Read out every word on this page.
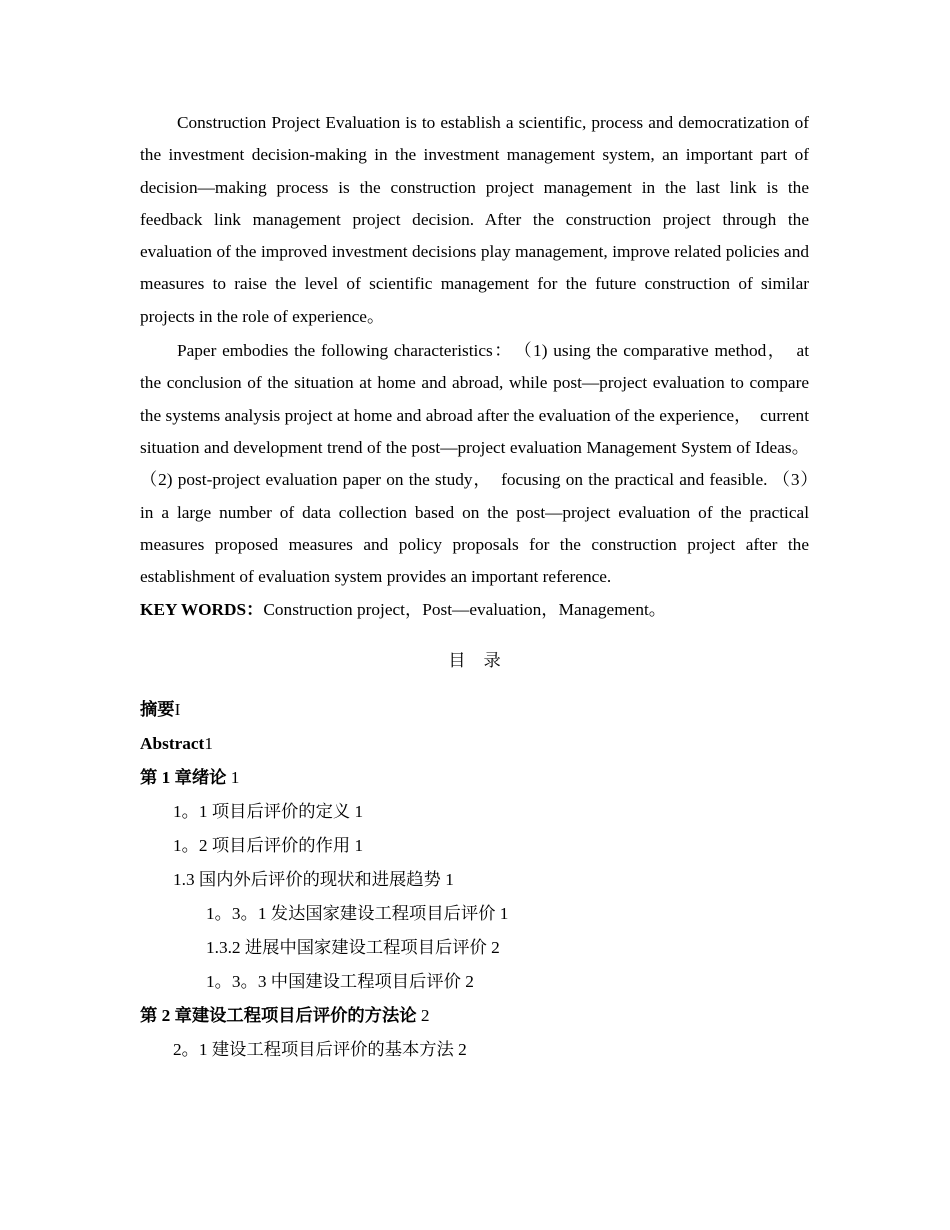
Construction Project Evaluation is to establish a scientific, process and democratization of the investment decision-making in the investment management system, an important part of decision—making process is the construction project management in the last link is the feedback link management project decision. After the construction project through the evaluation of the improved investment decisions play management, improve related policies and measures to raise the level of scientific management for the future construction of similar projects in the role of experience。

Paper embodies the following characteristics：　（1) using the comparative method，　at the conclusion of the situation at home and abroad, while post—project evaluation to compare the systems analysis project at home and abroad after the evaluation of the experience，　current situation and development trend of the post—project evaluation Management System of Ideas。（2) post-project evaluation paper on the study，　focusing on the practical and feasible. （3）　in a large number of data collection based on the post—project evaluation of the practical measures proposed measures and policy proposals for the construction project after the establishment of evaluation system provides an important reference.

KEY WORDS：Construction project，Post—evaluation，Management。

目 录
摘要I
Abstract1
第 1 章绪论 1
1。1 项目后评价的定义 1
1。2 项目后评价的作用 1
1.3 国内外后评价的现状和进展趋势 1
1。3。1 发达国家建设工程项目后评价 1
1.3.2 进展中国家建设工程项目后评价 2
1。3。3 中国建设工程项目后评价 2
第 2 章建设工程项目后评价的方法论 2
2。1 建设工程项目后评价的基本方法 2
